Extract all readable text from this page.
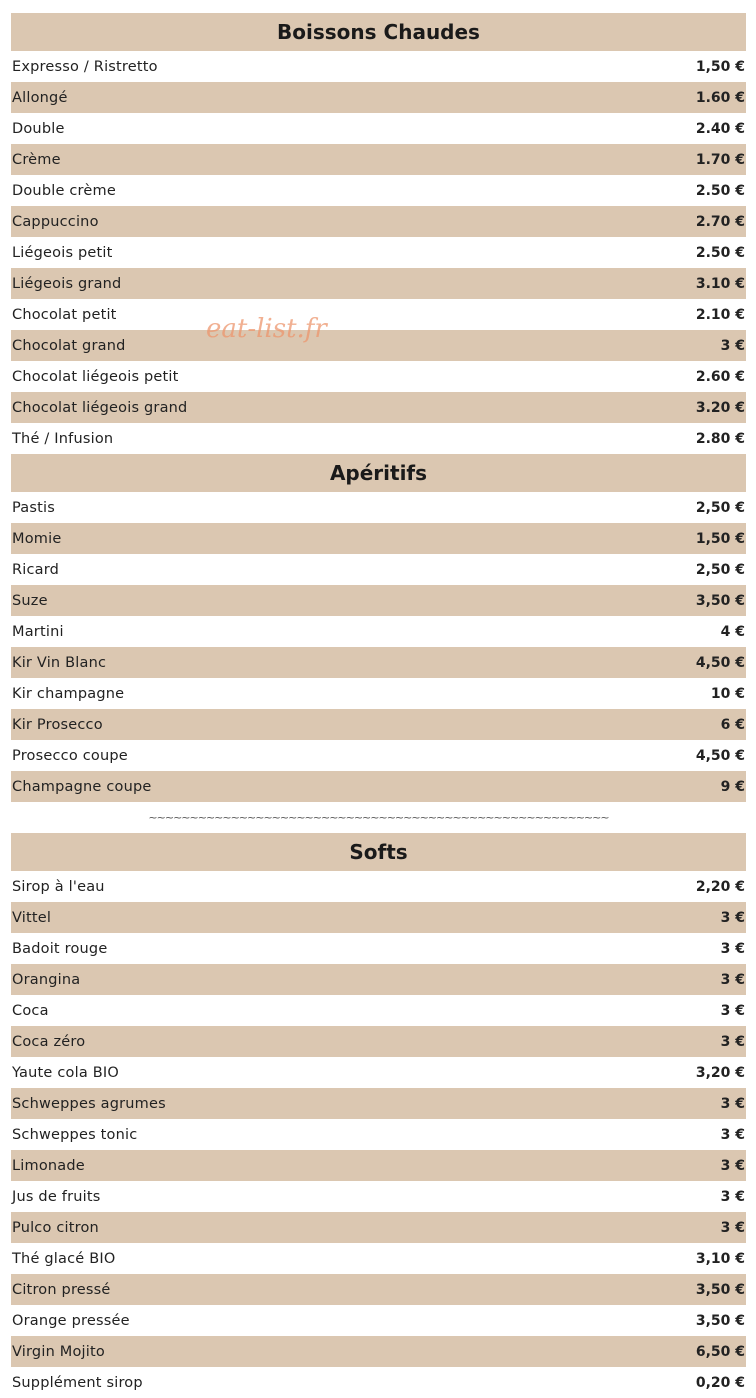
Boissons Chaudes
Expresso / Ristretto	1,50 €
Allongé	1.60 €
Double	2.40 €
Crème	1.70 €
Double crème	2.50 €
Cappuccino	2.70 €
Liégeois petit	2.50 €
Liégeois grand	3.10 €
Chocolat petit	2.10 €
Chocolat grand	3 €
Chocolat liégeois petit	2.60 €
Chocolat liégeois grand	3.20 €
Thé / Infusion	2.80 €
Apéritifs
Pastis	2,50 €
Momie	1,50 €
Ricard	2,50 €
Suze	3,50 €
Martini	4 €
Kir Vin Blanc	4,50 €
Kir champagne	10 €
Kir Prosecco	6 €
Prosecco coupe	4,50 €
Champagne coupe	9 €
~~~~~~~~~~~~~~~~~~~~~~~~~~~~~~~~~~~~~~~~~~~~~~~~~~~~~~~~
Softs
Sirop à l'eau	2,20 €
Vittel	3 €
Badoit rouge	3 €
Orangina	3 €
Coca	3 €
Coca zéro	3 €
Yaute cola BIO	3,20 €
Schweppes agrumes	3 €
Schweppes tonic	3 €
Limonade	3 €
Jus de fruits	3 €
Pulco citron	3 €
Thé glacé BIO	3,10 €
Citron pressé	3,50 €
Orange pressée	3,50 €
Virgin Mojito	6,50 €
Supplément sirop	0,20 €
eat-list.fr
